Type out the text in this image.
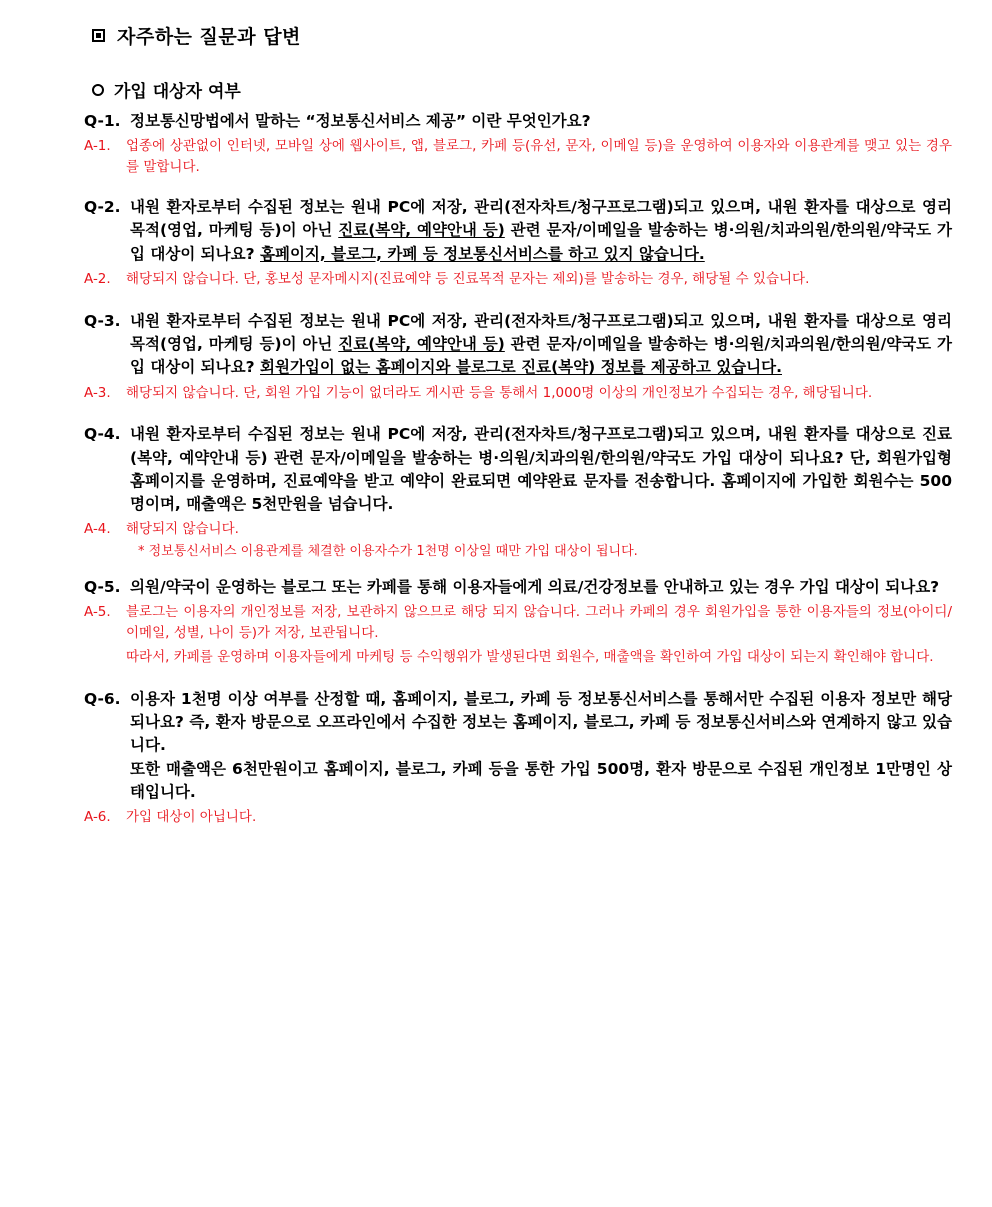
자주하는 질문과 답변
가입 대상자 여부
Q-1. 정보통신망법에서 말하는 “정보통신서비스 제공” 이란 무엇인가요?
A-1.	업종에 상관없이 인터넷, 모바일 상에 웹사이트, 앱, 블로그, 카페 등(유선, 문자, 이메일 등)을 운영하여 이용자와 이용관계를 맺고 있는 경우를 말합니다.
Q-2. 내원 환자로부터 수집된 정보는 원내 PC에 저장, 관리(전자차트/청구프로그램)되고 있으며, 내원 환자를 대상으로 영리목적(영업, 마케팅 등)이 아닌 진료(복약, 예약안내 등) 관련 문자/이메일을 발송하는 병·의원/치과의원/한의원/약국도 가입 대상이 되나요? 홈페이지, 블로그, 카페 등 정보통신서비스를 하고 있지 않습니다.
A-2.	해당되지 않습니다. 단, 홍보성 문자메시지(진료예약 등 진료목적 문자는 제외)를 발송하는 경우, 해당될 수 있습니다.
Q-3. 내원 환자로부터 수집된 정보는 원내 PC에 저장, 관리(전자차트/청구프로그램)되고 있으며, 내원 환자를 대상으로 영리목적(영업, 마케팅 등)이 아닌 진료(복약, 예약안내 등) 관련 문자/이메일을 발송하는 병·의원/치과의원/한의원/약국도 가입 대상이 되나요? 회원가입이 없는 홈페이지와 블로그로 진료(복약) 정보를 제공하고 있습니다.
A-3.	해당되지 않습니다. 단, 회원 가입 기능이 없더라도 게시판 등을 통해서 1,000명 이상의 개인정보가 수집되는 경우, 해당됩니다.
Q-4. 내원 환자로부터 수집된 정보는 원내 PC에 저장, 관리(전자차트/청구프로그램)되고 있으며, 내원 환자를 대상으로 진료(복약, 예약안내 등) 관련 문자/이메일을 발송하는 병·의원/치과의원/한의원/약국도 가입 대상이 되나요? 단, 회원가입형 홈페이지를 운영하며, 진료예약을 받고 예약이 완료되면 예약완료 문자를 전송합니다. 홈페이지에 가입한 회원수는 500명이며, 매출액은 5천만원을 넘습니다.
A-4.	해당되지 않습니다.
* 정보통신서비스 이용관계를 체결한 이용자수가 1천명 이상일 때만 가입 대상이 됩니다.
Q-5. 의원/약국이 운영하는 블로그 또는 카페를 통해 이용자들에게 의료/건강정보를 안내하고 있는 경우 가입 대상이 되나요?
A-5.	블로그는 이용자의 개인정보를 저장, 보관하지 않으므로 해당 되지 않습니다. 그러나 카페의 경우 회원가입을 통한 이용자들의 정보(아이디/이메일, 성별, 나이 등)가 저장, 보관됩니다.
따라서, 카페를 운영하며 이용자들에게 마케팅 등 수익행위가 발생된다면 회원수, 매출액을 확인하여 가입 대상이 되는지 확인해야 합니다.
Q-6. 이용자 1천명 이상 여부를 산정할 때, 홈페이지, 블로그, 카페 등 정보통신서비스를 통해서만 수집된 이용자 정보만 해당되나요? 즉, 환자 방문으로 오프라인에서 수집한 정보는 홈페이지, 블로그, 카페 등 정보통신서비스와 연계하지 않고 있습니다.
또한 매출액은 6천만원이고 홈페이지, 블로그, 카페 등을 통한 가입 500명, 환자 방문으로 수집된 개인정보 1만명인 상태입니다.
A-6.	가입 대상이 아닙니다.
